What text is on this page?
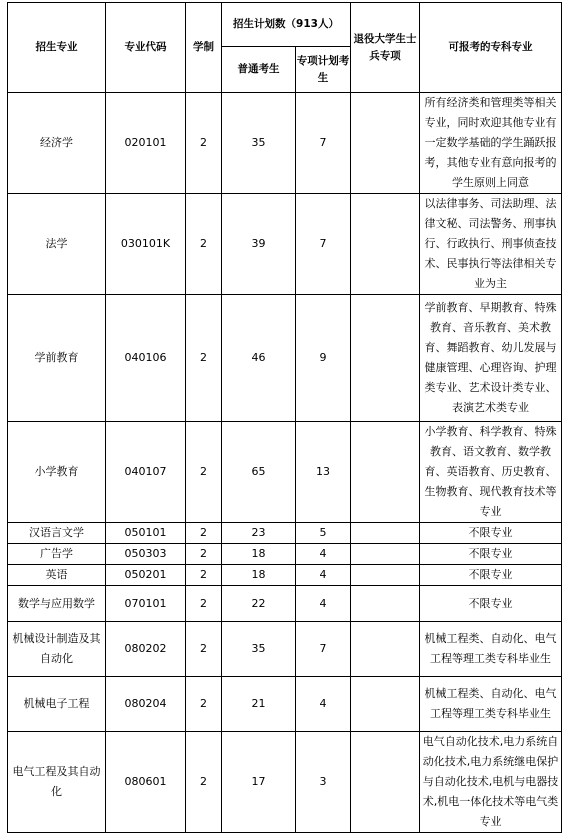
招生专业	专业代码	学制	招生计划数（913人）		退役大学生士兵专项	可报考的专科专业
			普通考生	专项计划考生		
经济学	020101	2	35	7		所有经济类和管理类等相关专业，同时欢迎其他专业有一定数学基础的学生踊跃报考，其他专业有意向报考的学生原则上同意
法学	030101K	2	39	7		以法律事务、司法助理、法律文秘、司法警务、刑事执行、行政执行、刑事侦查技术、民事执行等法律相关专业为主
学前教育	040106	2	46	9		学前教育、早期教育、特殊教育、音乐教育、美术教育、舞蹈教育、幼儿发展与健康管理、心理咨询、护理类专业、艺术设计类专业、表演艺术类专业
小学教育	040107	2	65	13		小学教育、科学教育、特殊教育、语文教育、数学教育、英语教育、历史教育、生物教育、现代教育技术等专业
汉语言文学	050101	2	23	5		不限专业
广告学	050303	2	18	4		不限专业
英语	050201	2	18	4		不限专业
数学与应用数学	070101	2	22	4		不限专业
机械设计制造及其自动化	080202	2	35	7		机械工程类、自动化、电气工程等理工类专科毕业生
机械电子工程	080204	2	21	4		机械工程类、自动化、电气工程等理工类专科毕业生
电气工程及其自动化	080601	2	17	3		电气自动化技术,电力系统自动化技术,电力系统继电保护与自动化技术,电机与电器技术,机电一体化技术等电气类专业
